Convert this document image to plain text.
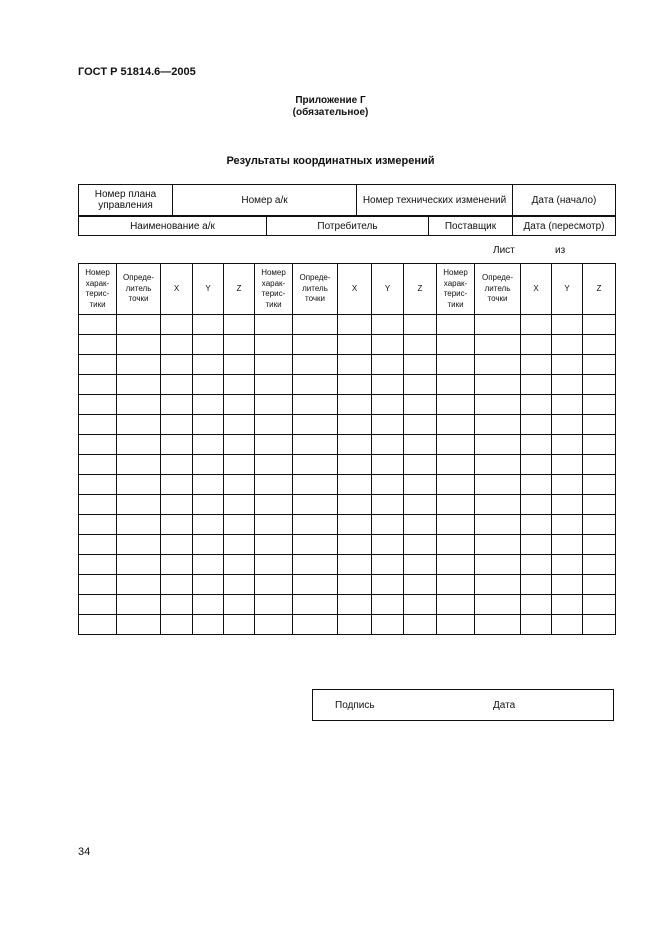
ГОСТ Р 51814.6—2005
Приложение Г
(обязательное)
Результаты координатных измерений
Номер плана управления	Номер а/к	Номер технических изменений	Дата (начало)
Наименование а/к	Потребитель	Поставщик	Дата (пересмотр)
Лист	из
Номер харак-терис-тики	Опреде-литель точки	X	Y	Z	Номер харак-терис-тики	Опреде-литель точки	X	Y	Z	Номер харак-терис-тики	Опреде-литель точки	X	Y	Z

Подпись	Дата
34
